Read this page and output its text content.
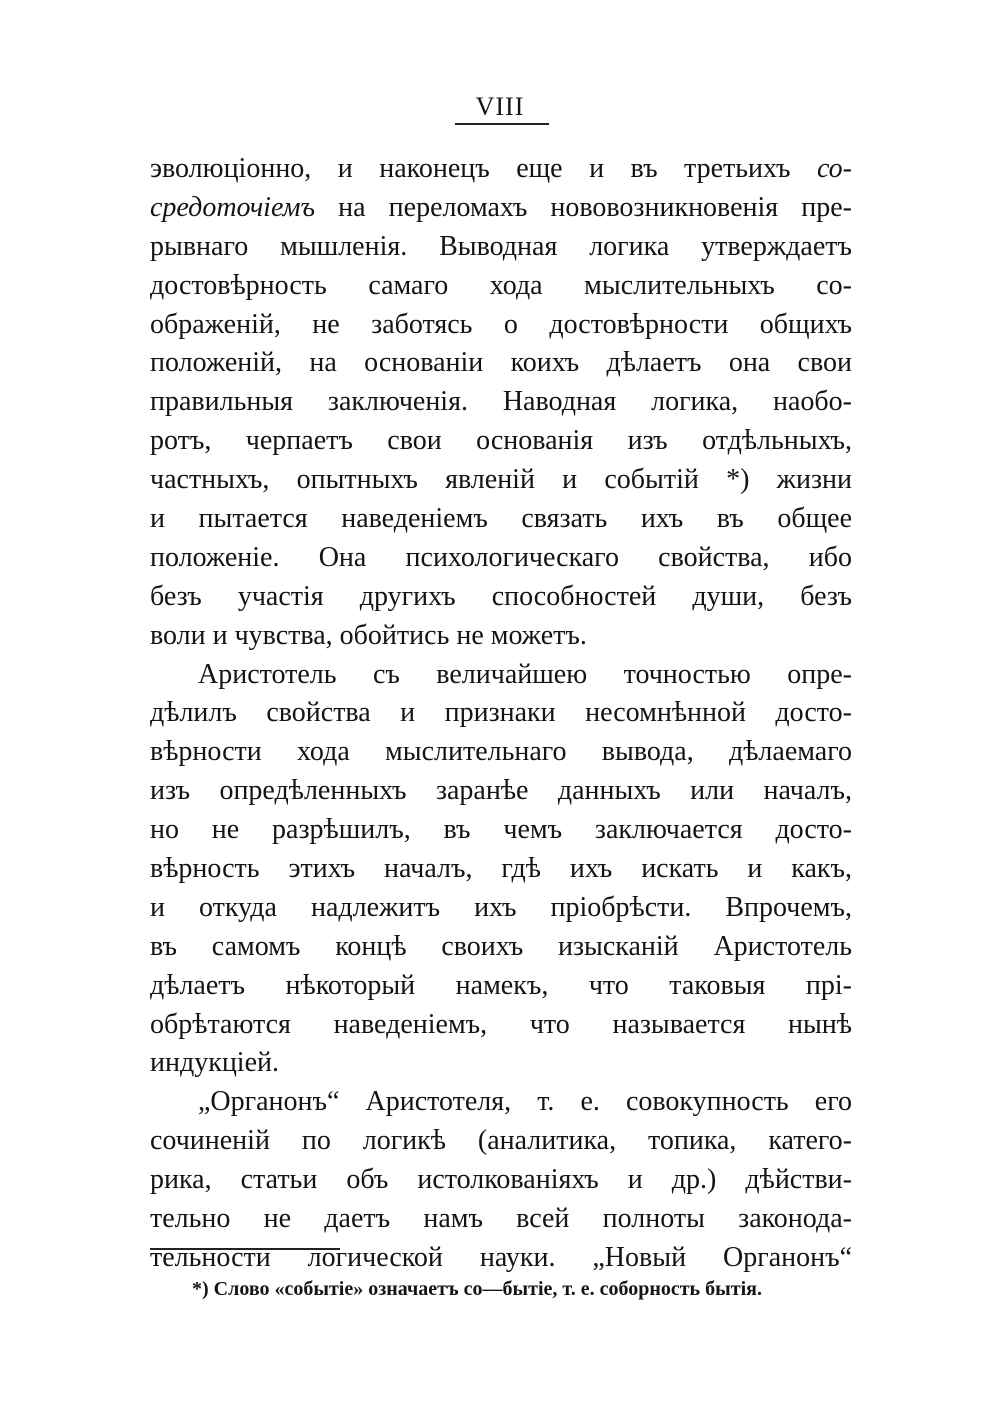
VIII
эволюціонно, и наконецъ еще и въ третьихъ со-
средоточіемъ на переломахъ нововозникновенія пре-
рывнаго мышленія. Выводная логика утверждаетъ
достовѣрность самаго хода мыслительныхъ со-
ображеній, не заботясь о достовѣрности общихъ
положеній, на основаніи коихъ дѣлаетъ она свои
правильныя заключенія. Наводная логика, наобо-
ротъ, черпаетъ свои основанія изъ отдѣльныхъ,
частныхъ, опытныхъ явленій и событій *) жизни
и пытается наведеніемъ связать ихъ въ общее
положеніе. Она психологическаго свойства, ибо
безъ участія другихъ способностей души, безъ
воли и чувства, обойтись не можетъ.
Аристотель съ величайшею точностью опре-
дѣлилъ свойства и признаки несомнѣнной досто-
вѣрности хода мыслительнаго вывода, дѣлаемаго
изъ опредѣленныхъ заранѣе данныхъ или началъ,
но не разрѣшилъ, въ чемъ заключается досто-
вѣрность этихъ началъ, гдѣ ихъ искать и какъ,
и откуда надлежитъ ихъ пріобрѣсти. Впрочемъ,
въ самомъ концѣ своихъ изысканій Аристотель
дѣлаетъ нѣкоторый намекъ, что таковыя прі-
обрѣтаются наведеніемъ, что называется нынѣ
индукціей.
„Органонъ“ Аристотеля, т. е. совокупность его
сочиненій по логикѣ (аналитика, топика, катего-
рика, статьи объ истолкованіяхъ и др.) дѣйстви-
тельно не даетъ намъ всей полноты законода-
тельности логической науки. „Новый Органонъ“
*) Слово «событіе» означаетъ со—бытіе, т. е. соборность бытія.
